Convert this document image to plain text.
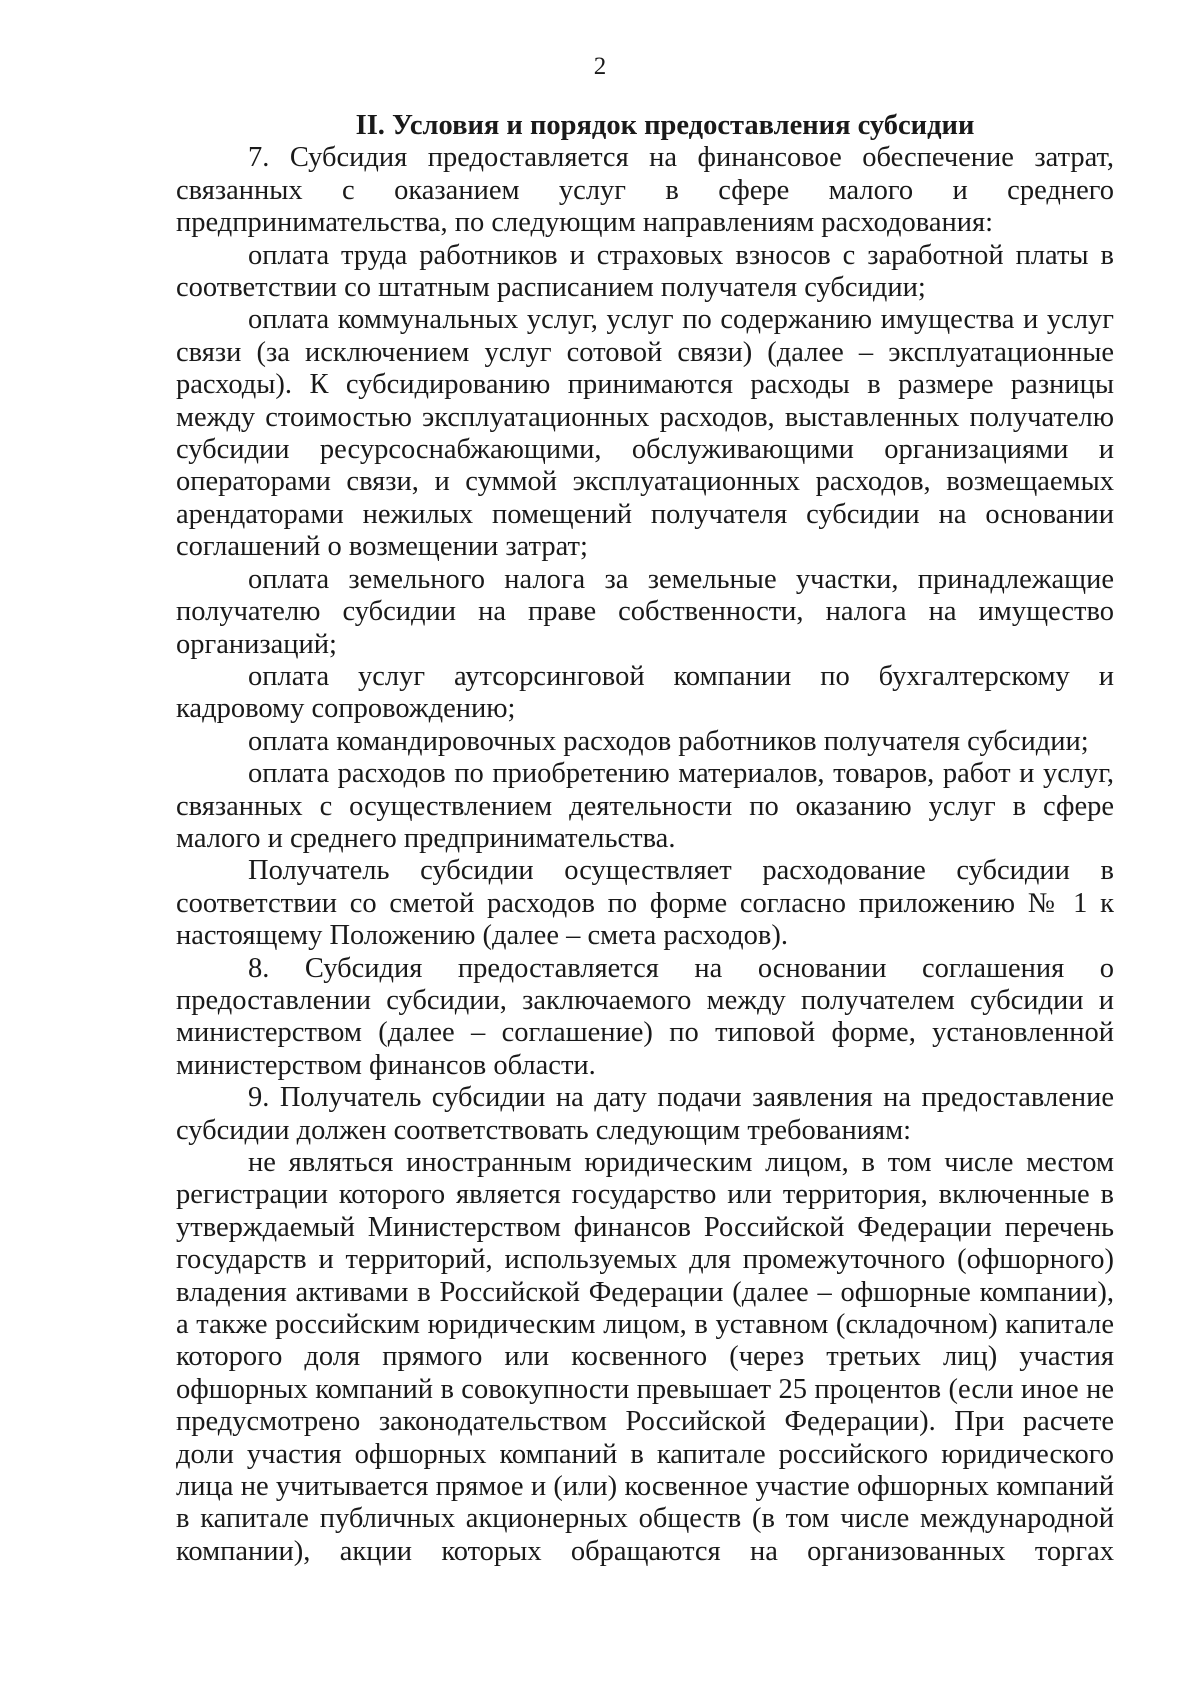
2
II. Условия и порядок предоставления субсидии

7. Субсидия предоставляется на финансовое обеспечение затрат, связанных с оказанием услуг в сфере малого и среднего предпринимательства, по следующим направлениям расходования:

оплата труда работников и страховых взносов с заработной платы в соответствии со штатным расписанием получателя субсидии;

оплата коммунальных услуг, услуг по содержанию имущества и услуг связи (за исключением услуг сотовой связи) (далее – эксплуатационные расходы). К субсидированию принимаются расходы в размере разницы между стоимостью эксплуатационных расходов, выставленных получателю субсидии ресурсоснабжающими, обслуживающими организациями и операторами связи, и суммой эксплуатационных расходов, возмещаемых арендаторами нежилых помещений получателя субсидии на основании соглашений о возмещении затрат;

оплата земельного налога за земельные участки, принадлежащие получателю субсидии на праве собственности, налога на имущество организаций;

оплата услуг аутсорсинговой компании по бухгалтерскому и кадровому сопровождению;

оплата командировочных расходов работников получателя субсидии;

оплата расходов по приобретению материалов, товаров, работ и услуг, связанных с осуществлением деятельности по оказанию услуг в сфере малого и среднего предпринимательства.

Получатель субсидии осуществляет расходование субсидии в соответствии со сметой расходов по форме согласно приложению № 1 к настоящему Положению (далее – смета расходов).

8. Субсидия предоставляется на основании соглашения о предоставлении субсидии, заключаемого между получателем субсидии и министерством (далее – соглашение) по типовой форме, установленной министерством финансов области.

9. Получатель субсидии на дату подачи заявления на предоставление субсидии должен соответствовать следующим требованиям:

не являться иностранным юридическим лицом, в том числе местом регистрации которого является государство или территория, включенные в утверждаемый Министерством финансов Российской Федерации перечень государств и территорий, используемых для промежуточного (офшорного) владения активами в Российской Федерации (далее – офшорные компании), а также российским юридическим лицом, в уставном (складочном) капитале которого доля прямого или косвенного (через третьих лиц) участия офшорных компаний в совокупности превышает 25 процентов (если иное не предусмотрено законодательством Российской Федерации). При расчете доли участия офшорных компаний в капитале российского юридического лица не учитывается прямое и (или) косвенное участие офшорных компаний в капитале публичных акционерных обществ (в том числе международной компании), акции которых обращаются на организованных торгах
